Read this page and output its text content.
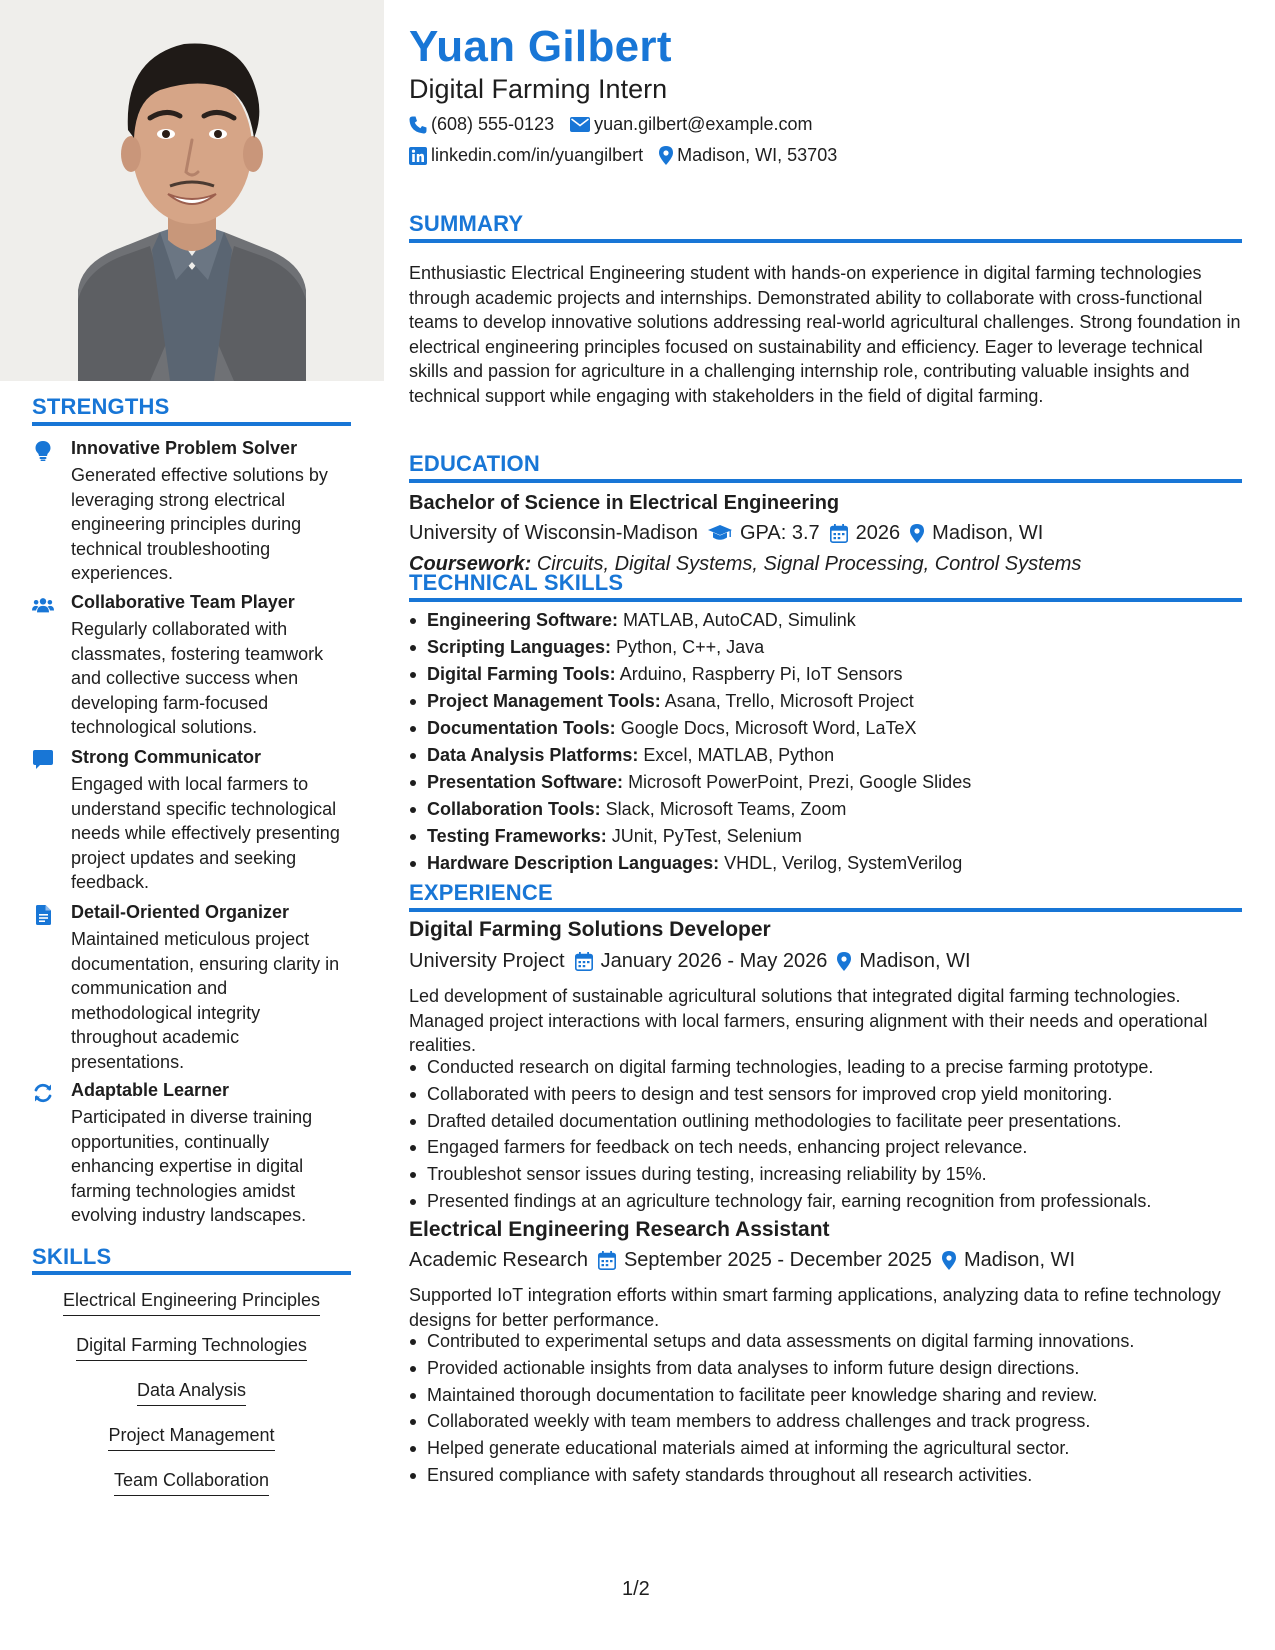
STRENGTHS
Innovative Problem Solver
Generated effective solutions by leveraging strong electrical engineering principles during technical troubleshooting experiences.
Collaborative Team Player
Regularly collaborated with classmates, fostering teamwork and collective success when developing farm-focused technological solutions.
Strong Communicator
Engaged with local farmers to understand specific technological needs while effectively presenting project updates and seeking feedback.
Detail-Oriented Organizer
Maintained meticulous project documentation, ensuring clarity in communication and methodological integrity throughout academic presentations.
Adaptable Learner
Participated in diverse training opportunities, continually enhancing expertise in digital farming technologies amidst evolving industry landscapes.
SKILLS
Electrical Engineering Principles
Digital Farming Technologies
Data Analysis
Project Management
Team Collaboration
Yuan Gilbert
Digital Farming Intern
(608) 555-0123 yuan.gilbert@example.com
linkedin.com/in/yuangilbert Madison, WI, 53703
SUMMARY
Enthusiastic Electrical Engineering student with hands-on experience in digital farming technologies through academic projects and internships. Demonstrated ability to collaborate with cross-functional teams to develop innovative solutions addressing real-world agricultural challenges. Strong foundation in electrical engineering principles focused on sustainability and efficiency. Eager to leverage technical skills and passion for agriculture in a challenging internship role, contributing valuable insights and technical support while engaging with stakeholders in the field of digital farming.
EDUCATION
Bachelor of Science in Electrical Engineering
University of Wisconsin-Madison GPA: 3.7 2026 Madison, WI
Coursework: Circuits, Digital Systems, Signal Processing, Control Systems
TECHNICAL SKILLS
Engineering Software: MATLAB, AutoCAD, Simulink
Scripting Languages: Python, C++, Java
Digital Farming Tools: Arduino, Raspberry Pi, IoT Sensors
Project Management Tools: Asana, Trello, Microsoft Project
Documentation Tools: Google Docs, Microsoft Word, LaTeX
Data Analysis Platforms: Excel, MATLAB, Python
Presentation Software: Microsoft PowerPoint, Prezi, Google Slides
Collaboration Tools: Slack, Microsoft Teams, Zoom
Testing Frameworks: JUnit, PyTest, Selenium
Hardware Description Languages: VHDL, Verilog, SystemVerilog
EXPERIENCE
Digital Farming Solutions Developer
University Project January 2026 - May 2026 Madison, WI
Led development of sustainable agricultural solutions that integrated digital farming technologies. Managed project interactions with local farmers, ensuring alignment with their needs and operational realities.
Conducted research on digital farming technologies, leading to a precise farming prototype.
Collaborated with peers to design and test sensors for improved crop yield monitoring.
Drafted detailed documentation outlining methodologies to facilitate peer presentations.
Engaged farmers for feedback on tech needs, enhancing project relevance.
Troubleshot sensor issues during testing, increasing reliability by 15%.
Presented findings at an agriculture technology fair, earning recognition from professionals.
Electrical Engineering Research Assistant
Academic Research September 2025 - December 2025 Madison, WI
Supported IoT integration efforts within smart farming applications, analyzing data to refine technology designs for better performance.
Contributed to experimental setups and data assessments on digital farming innovations.
Provided actionable insights from data analyses to inform future design directions.
Maintained thorough documentation to facilitate peer knowledge sharing and review.
Collaborated weekly with team members to address challenges and track progress.
Helped generate educational materials aimed at informing the agricultural sector.
Ensured compliance with safety standards throughout all research activities.
1/2
